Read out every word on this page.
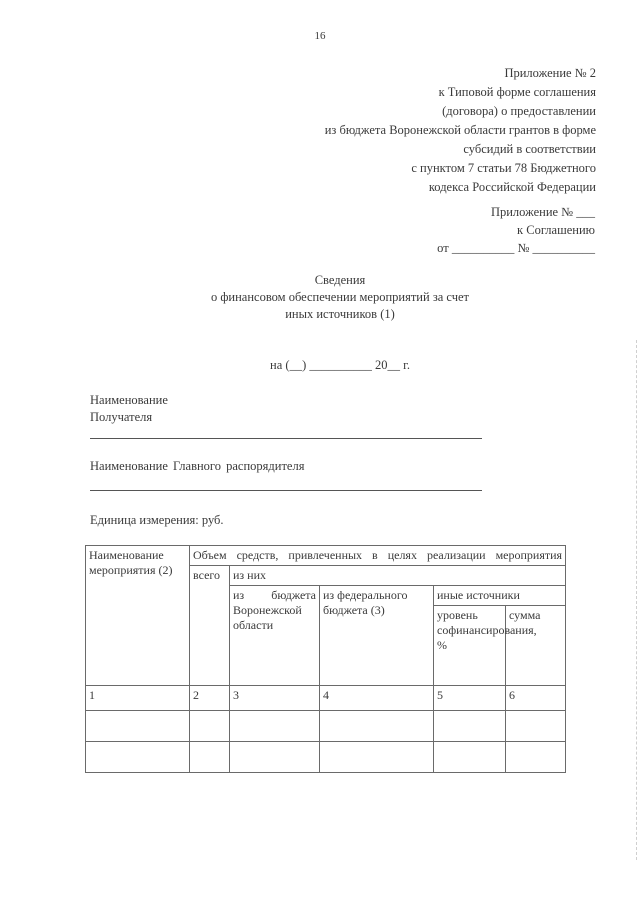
16
Приложение № 2
к Типовой форме соглашения
(договора) о предоставлении
из бюджета Воронежской области грантов в форме
субсидий в соответствии
с пунктом 7 статьи 78 Бюджетного
кодекса Российской Федерации
Приложение № ___
к Соглашению
от __________ № __________
Сведения
о финансовом обеспечении мероприятий за счет
иных источников (1)
на (__) __________ 20__ г.
Наименование
Получателя
Наименование Главного распорядителя
Единица измерения: руб.
Наименование мероприятия (2)	Объем средств, привлеченных в целях реализации мероприятия				
	всего	из них			
		из бюджета Воронежской области	из федерального бюджета (3)	иные источники	
				уровень софинансирования, %	сумма
1	2	3	4	5	6
